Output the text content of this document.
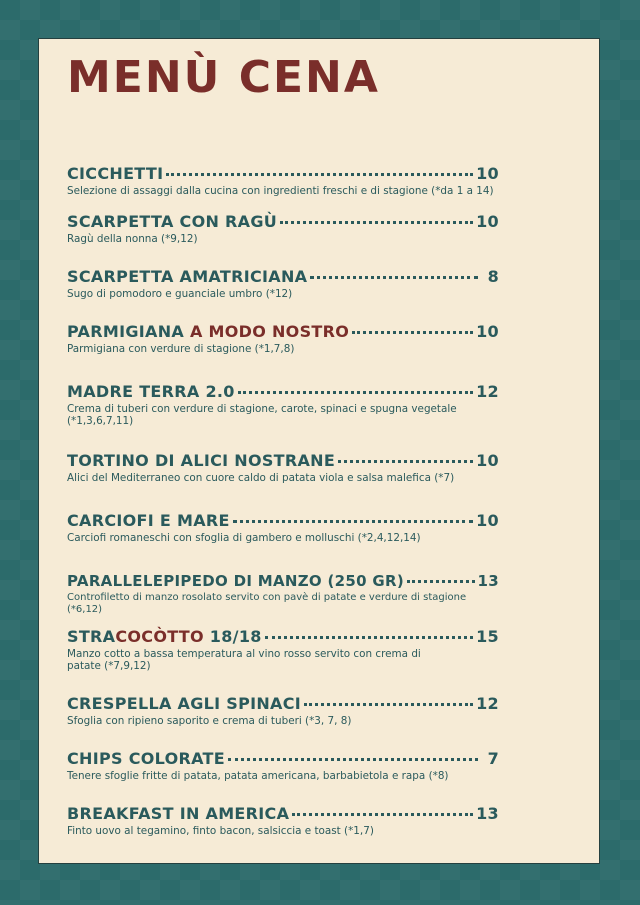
MENÙ CENA
CICCHETTI	10
Selezione di assaggi dalla cucina con ingredienti freschi e di stagione (*da 1 a 14)
SCARPETTA CON RAGÙ	10
Ragù della nonna (*9,12)
SCARPETTA AMATRICIANA	8
Sugo di pomodoro e guanciale umbro (*12)
PARMIGIANA A MODO NOSTRO	10
Parmigiana con verdure di stagione (*1,7,8)
MADRE TERRA 2.0	12
Crema di tuberi con verdure di stagione, carote, spinaci e spugna vegetale (*1,3,6,7,11)
TORTINO DI ALICI NOSTRANE	10
Alici del Mediterraneo con cuore caldo di patata viola e salsa malefica (*7)
CARCIOFI E MARE	10
Carciofi romaneschi con sfoglia di gambero e molluschi (*2,4,12,14)
PARALLELEPIPEDO DI MANZO (250 GR)	13
Controfiletto di manzo rosolato servito con pavè di patate e verdure di stagione (*6,12)
STRACOCÒTTO 18/18	15
Manzo cotto a bassa temperatura al vino rosso servito con crema di patate (*7,9,12)
CRESPELLA AGLI SPINACI	12
Sfoglia con ripieno saporito e crema di tuberi (*3, 7, 8)
CHIPS COLORATE	7
Tenere sfoglie fritte di patata, patata americana, barbabietola e rapa (*8)
BREAKFAST IN AMERICA	13
Finto uovo al tegamino, finto bacon, salsiccia e toast (*1,7)
